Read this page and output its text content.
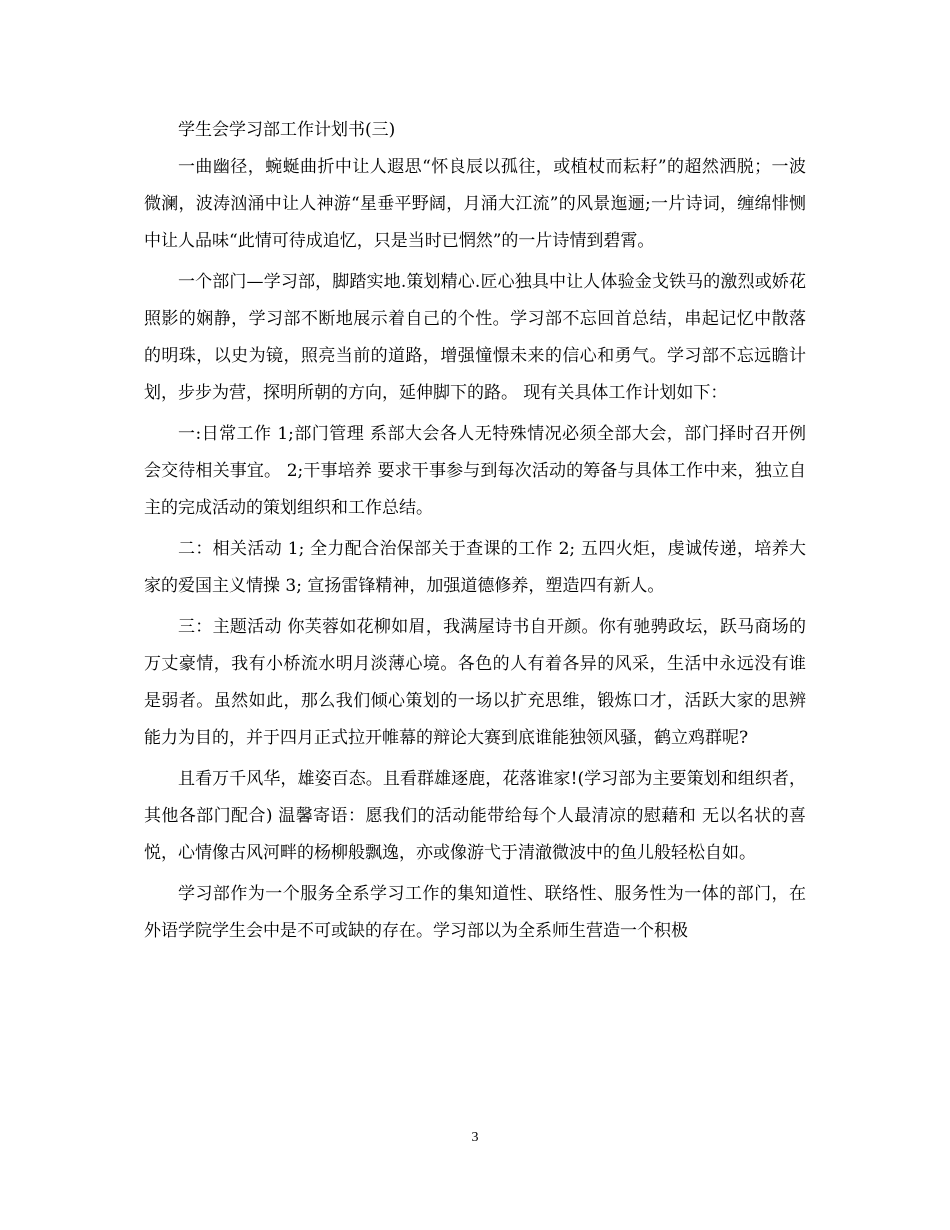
学生会学习部工作计划书(三)

一曲幽径，蜿蜒曲折中让人遐思“怀良辰以孤往，或植杖而耘耔”的超然洒脱；一波微澜，波涛汹涌中让人神游“星垂平野阔，月涌大江流”的风景迤逦;一片诗词，缠绵悱恻中让人品味“此情可待成追忆，只是当时已惘然”的一片诗情到碧霄。

一个部门—学习部，脚踏实地.策划精心.匠心独具中让人体验金戈铁马的激烈或娇花照影的娴静，学习部不断地展示着自己的个性。学习部不忘回首总结，串起记忆中散落的明珠，以史为镜，照亮当前的道路，增强憧憬未来的信心和勇气。学习部不忘远瞻计划，步步为营，探明所朝的方向，延伸脚下的路。 现有关具体工作计划如下：

一:日常工作 1;部门管理 系部大会各人无特殊情况必须全部大会，部门择时召开例会交待相关事宜。 2;干事培养 要求干事参与到每次活动的筹备与具体工作中来，独立自主的完成活动的策划组织和工作总结。

二：相关活动 1; 全力配合治保部关于查课的工作 2; 五四火炬，虔诚传递，培养大家的爱国主义情操 3; 宣扬雷锋精神，加强道德修养，塑造四有新人。

三：主题活动 你芙蓉如花柳如眉，我满屋诗书自开颜。你有驰骋政坛，跃马商场的万丈豪情，我有小桥流水明月淡薄心境。各色的人有着各异的风采，生活中永远没有谁是弱者。虽然如此，那么我们倾心策划的一场以扩充思维，锻炼口才，活跃大家的思辨能力为目的，并于四月正式拉开帷幕的辩论大赛到底谁能独领风骚，鹤立鸡群呢?

且看万千风华，雄姿百态。且看群雄逐鹿，花落谁家!(学习部为主要策划和组织者，其他各部门配合) 温馨寄语：愿我们的活动能带给每个人最清凉的慰藉和 无以名状的喜悦，心情像古风河畔的杨柳般飘逸，亦或像游弋于清澈微波中的鱼儿般轻松自如。

学习部作为一个服务全系学习工作的集知道性、联络性、服务性为一体的部门，在外语学院学生会中是不可或缺的存在。学习部以为全系师生营造一个积极

3
